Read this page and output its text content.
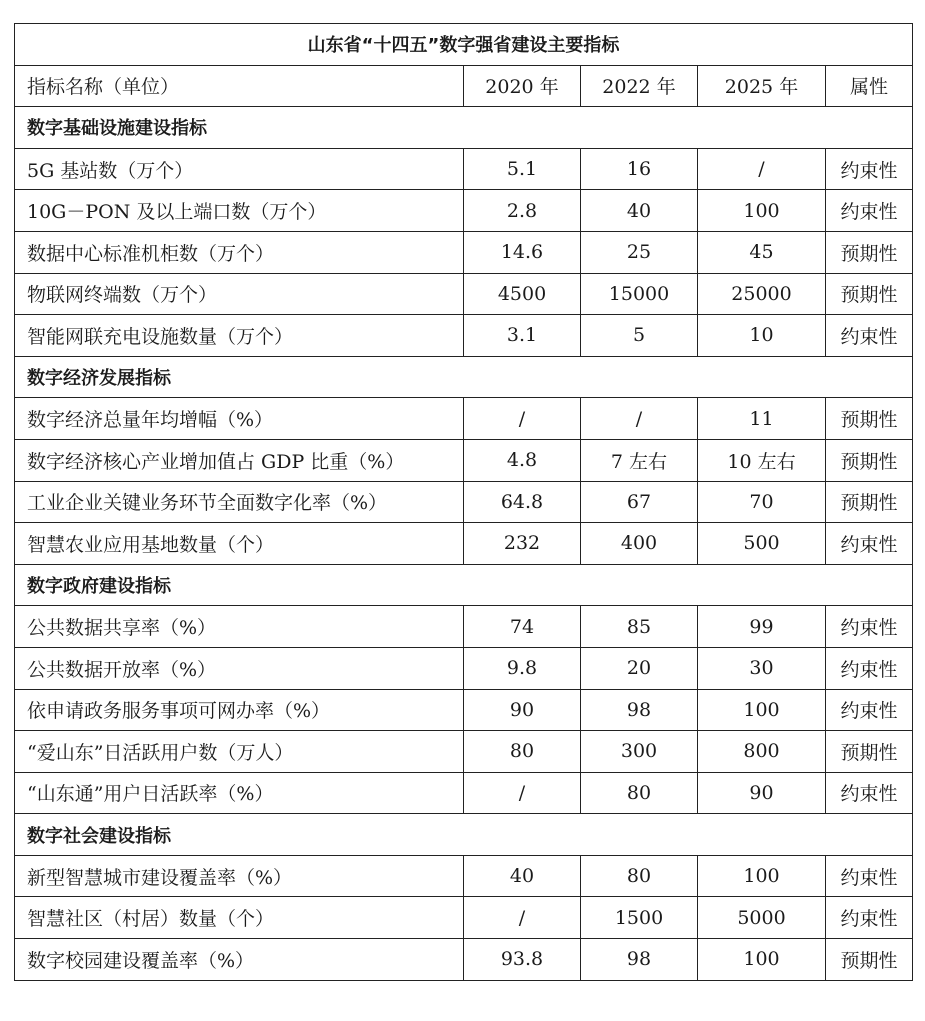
山东省“十四五”数字强省建设主要指标				
指标名称（单位）	2020 年	2022 年	2025 年	属性
数字基础设施建设指标				
5G 基站数（万个）	5.1	16	/	约束性
10G－PON 及以上端口数（万个）	2.8	40	100	约束性
数据中心标准机柜数（万个）	14.6	25	45	预期性
物联网终端数（万个）	4500	15000	25000	预期性
智能网联充电设施数量（万个）	3.1	5	10	约束性
数字经济发展指标				
数字经济总量年均增幅（%）	/	/	11	预期性
数字经济核心产业增加值占 GDP 比重（%）	4.8	7 左右	10 左右	预期性
工业企业关键业务环节全面数字化率（%）	64.8	67	70	预期性
智慧农业应用基地数量（个）	232	400	500	约束性
数字政府建设指标				
公共数据共享率（%）	74	85	99	约束性
公共数据开放率（%）	9.8	20	30	约束性
依申请政务服务事项可网办率（%）	90	98	100	约束性
“爱山东”日活跃用户数（万人）	80	300	800	预期性
“山东通”用户日活跃率（%）	/	80	90	约束性
数字社会建设指标				
新型智慧城市建设覆盖率（%）	40	80	100	约束性
智慧社区（村居）数量（个）	/	1500	5000	约束性
数字校园建设覆盖率（%）	93.8	98	100	预期性
